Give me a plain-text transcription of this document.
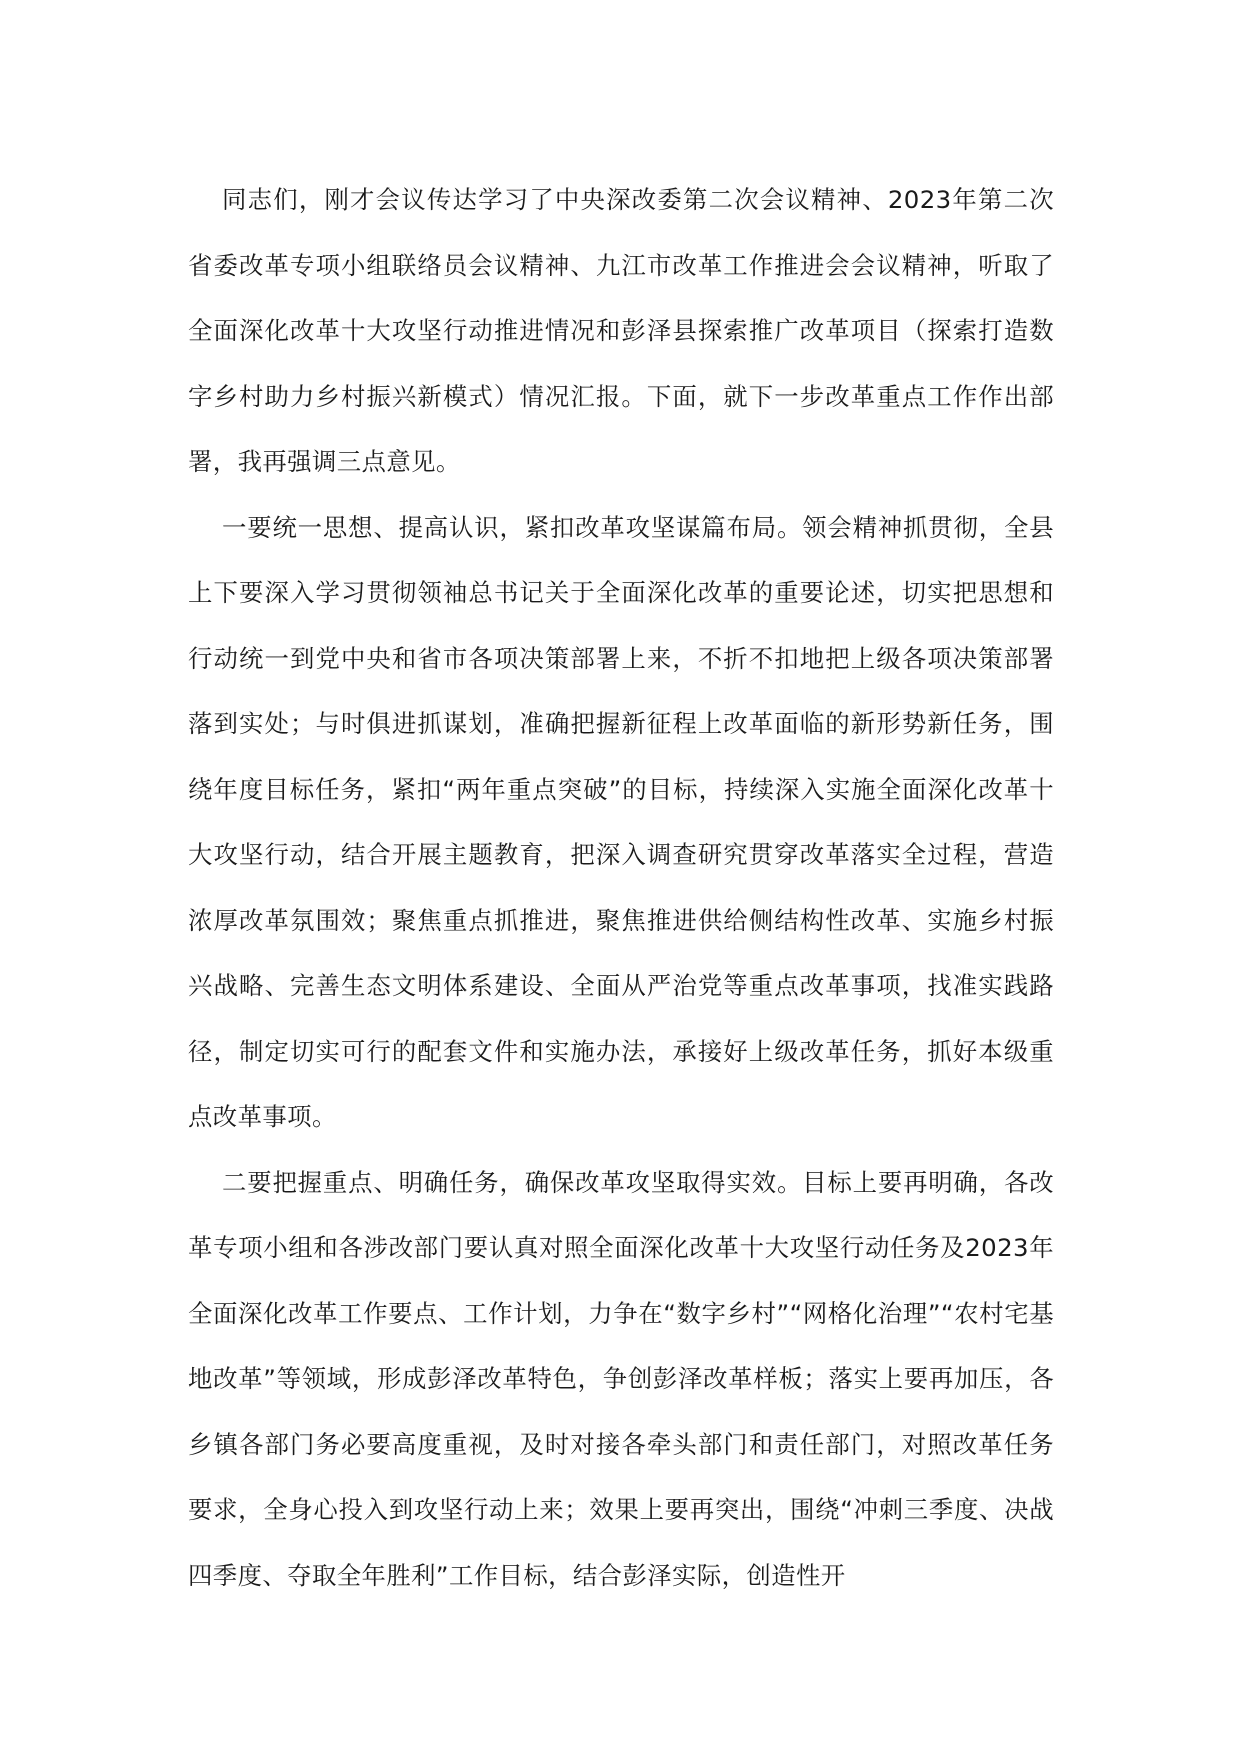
同志们，刚才会议传达学习了中央深改委第二次会议精神、2023年第二次省委改革专项小组联络员会议精神、九江市改革工作推进会会议精神，听取了全面深化改革十大攻坚行动推进情况和彭泽县探索推广改革项目（探索打造数字乡村助力乡村振兴新模式）情况汇报。下面，就下一步改革重点工作作出部署，我再强调三点意见。

一要统一思想、提高认识，紧扣改革攻坚谋篇布局。领会精神抓贯彻，全县上下要深入学习贯彻领袖总书记关于全面深化改革的重要论述，切实把思想和行动统一到党中央和省市各项决策部署上来，不折不扣地把上级各项决策部署落到实处；与时俱进抓谋划，准确把握新征程上改革面临的新形势新任务，围绕年度目标任务，紧扣“两年重点突破”的目标，持续深入实施全面深化改革十大攻坚行动，结合开展主题教育，把深入调查研究贯穿改革落实全过程，营造浓厚改革氛围效；聚焦重点抓推进，聚焦推进供给侧结构性改革、实施乡村振兴战略、完善生态文明体系建设、全面从严治党等重点改革事项，找准实践路径，制定切实可行的配套文件和实施办法，承接好上级改革任务，抓好本级重点改革事项。

二要把握重点、明确任务，确保改革攻坚取得实效。目标上要再明确，各改革专项小组和各涉改部门要认真对照全面深化改革十大攻坚行动任务及2023年全面深化改革工作要点、工作计划，力争在“数字乡村”“网格化治理”“农村宅基地改革”等领域，形成彭泽改革特色，争创彭泽改革样板；落实上要再加压，各乡镇各部门务必要高度重视，及时对接各牵头部门和责任部门，对照改革任务要求，全身心投入到攻坚行动上来；效果上要再突出，围绕“冲刺三季度、决战四季度、夺取全年胜利”工作目标，结合彭泽实际，创造性开
